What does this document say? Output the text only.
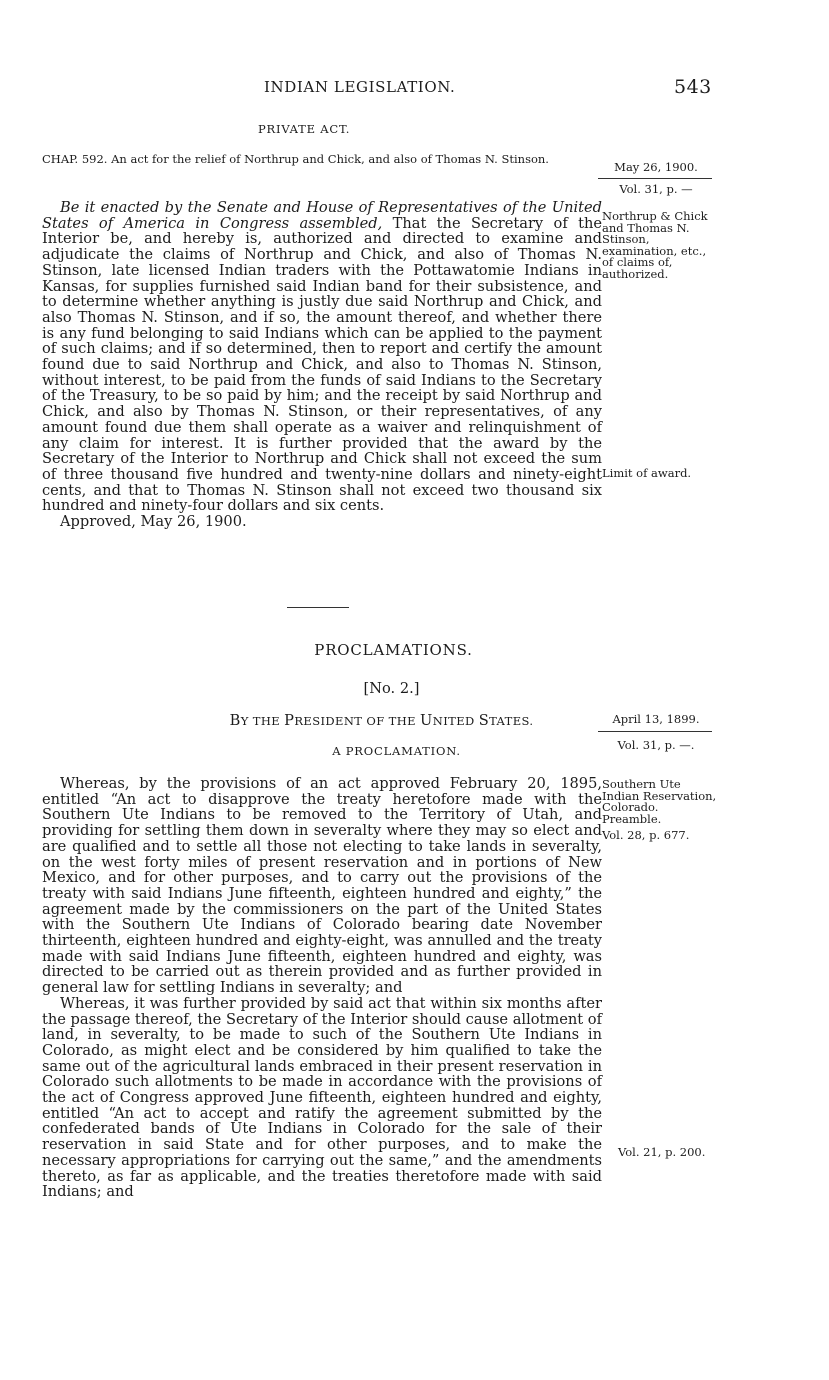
INDIAN LEGISLATION.	543
PRIVATE ACT.
CHAP. 592. An act for the relief of Northrup and Chick, and also of Thomas N. Stinson.
May 26, 1900.
Vol. 31, p. —

Be it enacted by the Senate and House of Representatives of the United States of America in Congress assembled, That the Secretary of the Interior be, and hereby is, authorized and directed to examine and adjudicate the claims of Northrup and Chick, and also of Thomas N. Stinson, late licensed Indian traders with the Pottawatomie Indians in Kansas, for supplies furnished said Indian band for their subsistence, and to determine whether anything is justly due said Northrup and Chick, and also Thomas N. Stinson, and if so, the amount thereof, and whether there is any fund belonging to said Indians which can be applied to the payment of such claims; and if so determined, then to report and certify the amount found due to said Northrup and Chick, and also to Thomas N. Stinson, without interest, to be paid from the funds of said Indians to the Secretary of the Treasury, to be so paid by him; and the receipt by said Northrup and Chick, and also by Thomas N. Stinson, or their representatives, of any amount found due them shall operate as a waiver and relinquishment of any claim for interest. It is further provided that the award by the Secretary of the Interior to Northrup and Chick shall not exceed the sum of three thousand five hundred and twenty-nine dollars and ninety-eight cents, and that to Thomas N. Stinson shall not exceed two thousand six hundred and ninety-four dollars and six cents.

Approved, May 26, 1900.

Northrup & Chick and Thomas N. Stinson, examination, etc., of claims of, authorized.
Limit of award.
PROCLAMATIONS.
[No. 2.]
BY THE PRESIDENT OF THE UNITED STATES.
A PROCLAMATION.
April 13, 1899.
Vol. 31, p. —.

Whereas, by the provisions of an act approved February 20, 1895, entitled “An act to disapprove the treaty heretofore made with the Southern Ute Indians to be removed to the Territory of Utah, and providing for settling them down in severalty where they may so elect and are qualified and to settle all those not electing to take lands in severalty, on the west forty miles of present reservation and in portions of New Mexico, and for other purposes, and to carry out the provisions of the treaty with said Indians June fifteenth, eighteen hundred and eighty,” the agreement made by the commissioners on the part of the United States with the Southern Ute Indians of Colorado bearing date November thirteenth, eighteen hundred and eighty-eight, was annulled and the treaty made with said Indians June fifteenth, eighteen hundred and eighty, was directed to be carried out as therein provided and as further provided in general law for settling Indians in severalty; and

Whereas, it was further provided by said act that within six months after the passage thereof, the Secretary of the Interior should cause allotment of land, in severalty, to be made to such of the Southern Ute Indians in Colorado, as might elect and be considered by him qualified to take the same out of the agricultural lands embraced in their present reservation in Colorado such allotments to be made in accordance with the provisions of the act of Congress approved June fifteenth, eighteen hundred and eighty, entitled “An act to accept and ratify the agreement submitted by the confederated bands of Ute Indians in Colorado for the sale of their reservation in said State and for other purposes, and to make the necessary appropriations for carrying out the same,” and the amendments thereto, as far as applicable, and the treaties theretofore made with said Indians; and

Southern Ute Indian Reservation, Colorado. Preamble.
Vol. 28, p. 677.
Vol. 21, p. 200.
